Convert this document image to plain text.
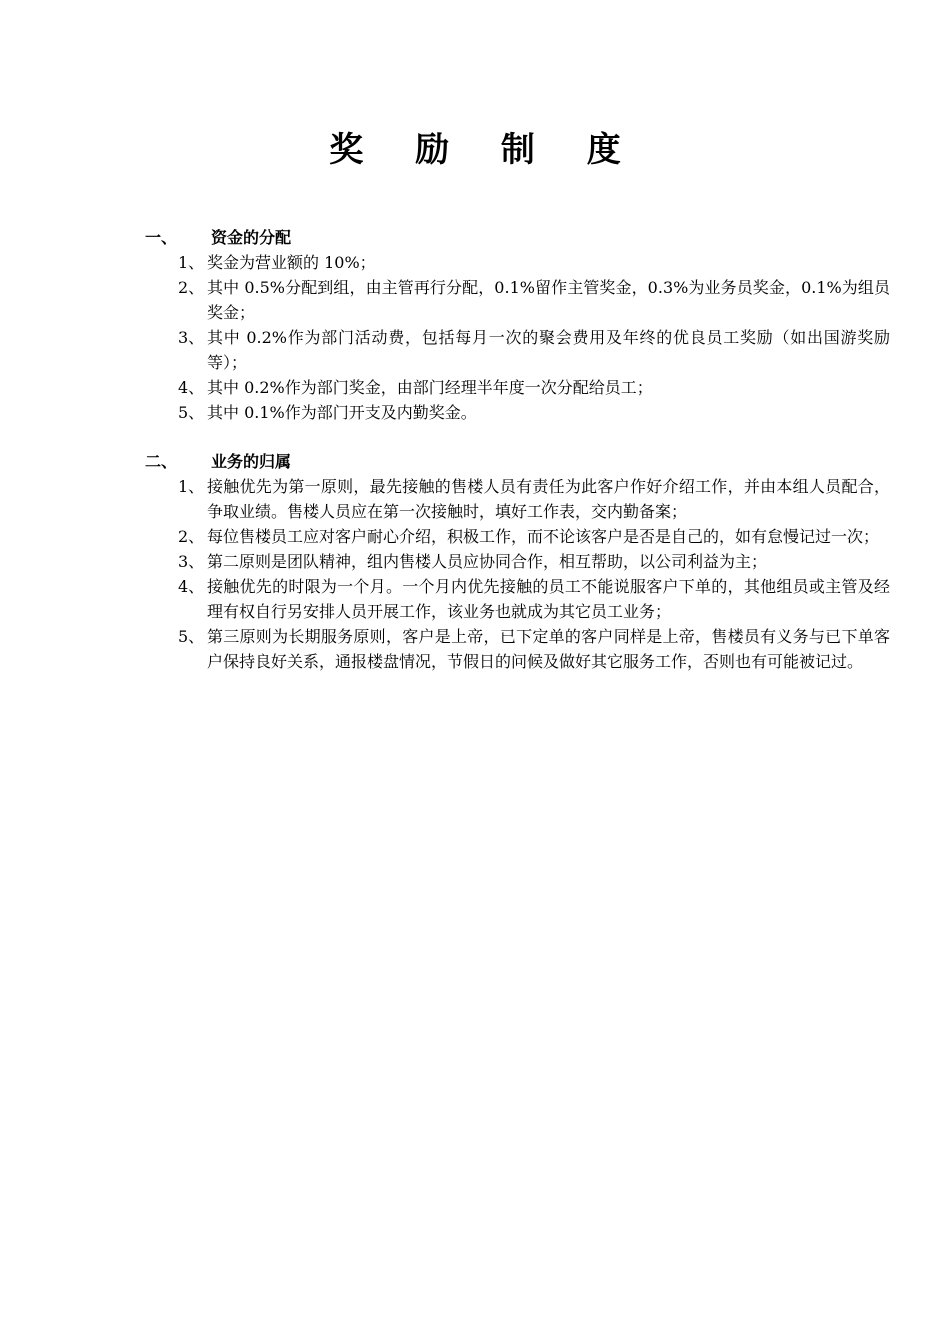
奖 励 制 度
一、 资金的分配
1、 奖金为营业额的 10%；
2、 其中 0.5%分配到组，由主管再行分配，0.1%留作主管奖金，0.3%为业务员奖金，0.1%为组员奖金；
3、 其中 0.2%作为部门活动费，包括每月一次的聚会费用及年终的优良员工奖励（如出国游奖励等）；
4、 其中 0.2%作为部门奖金，由部门经理半年度一次分配给员工；
5、 其中 0.1%作为部门开支及内勤奖金。
二、 业务的归属
1、 接触优先为第一原则，最先接触的售楼人员有责任为此客户作好介绍工作，并由本组人员配合，争取业绩。售楼人员应在第一次接触时，填好工作表，交内勤备案；
2、 每位售楼员工应对客户耐心介绍，积极工作，而不论该客户是否是自己的，如有怠慢记过一次；
3、 第二原则是团队精神，组内售楼人员应协同合作，相互帮助，以公司利益为主；
4、 接触优先的时限为一个月。一个月内优先接触的员工不能说服客户下单的，其他组员或主管及经理有权自行另安排人员开展工作，该业务也就成为其它员工业务；
5、 第三原则为长期服务原则，客户是上帝，已下定单的客户同样是上帝，售楼员有义务与已下单客户保持良好关系，通报楼盘情况，节假日的问候及做好其它服务工作，否则也有可能被记过。
